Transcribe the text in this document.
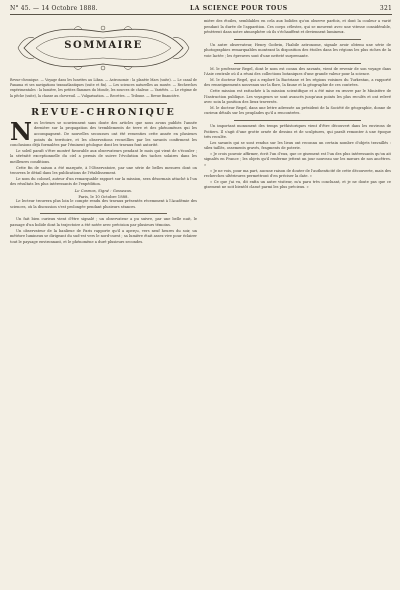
N° 45. — 14 Octobre 1888.	LA SCIENCE POUR TOUS	321
SOMMAIRE

Revue-chronique. — Voyage dans les lunettes au Liban. — Astronomie : la planète Mars (suite). — Le canal de Panama et ses navigations transatlantiques (suite et fin). — Les sciences naturelles au musée. — Recherches expérimentales : la lumière, les petites flammes du Monde, les sources de chaleur. — Variétés. — Le régime de la pêche (suite), la chasse au chevreuil. — Vulgarisation. — Recettes. — Tribune. — Revue financière.

REVUE-CHRONIQUE
N os lecteurs se souviennent sans doute des articles que nous avons publiés l'année dernière sur la propagation des tremblements de terre et des phénomènes qui les accompagnent. De nouvelles secousses ont été ressenties cette année en plusieurs points du territoire, et les observations recueillies par les savants confirment les conclusions déjà formulées par l'éminent géologue dont les travaux font autorité.

Le soleil paraît s'être montré favorable aux observateurs pendant le mois qui vient de s'écouler ; la sérénité exceptionnelle du ciel a permis de suivre l'évolution des taches solaires dans les meilleures conditions.

Cette fin de saison a été marquée, à l'Observatoire, par une série de belles mesures dont on trouvera le détail dans les publications de l'établissement.

Le nom du colonel, auteur d'un remarquable rapport sur la mission, sera désormais attaché à l'un des résultats les plus intéressants de l'expédition.

Le Cosmos, Signé : Gosseaux.

Paris, le 10 Octobre 1888.

Le lecteur trouvera plus loin le compte rendu des travaux présentés récemment à l'Académie des sciences, où la discussion s'est prolongée pendant plusieurs séances.

Un fait bien curieux vient d'être signalé ; un observateur a pu suivre, par une belle nuit, le passage d'un bolide dont la trajectoire a été notée avec précision par plusieurs témoins.

Un observateur de la banlieue de Paris rapporte qu'il a aperçu, vers neuf heures du soir, un météore lumineux se dirigeant du sud-est vers le nord-ouest ; sa lumière était assez vive pour éclairer tout le paysage environnant, et le phénomène a duré plusieurs secondes.

mière des étoiles, semblables en cela aux bolides qu'on observe parfois, et dont la couleur a varié pendant la durée de l'apparition. Ces corps célestes, qui se meuvent avec une vitesse considérable, pénètrent dans notre atmosphère où ils s'échauffent et deviennent lumineux.

Un autre observateur, Henry Godwin, l'habile astronome, signale avoir obtenu une série de photographies remarquables montrant la disposition des étoiles dans les régions les plus riches de la voie lactée ; les épreuves sont d'une netteté surprenante.

M. le professeur Regel, dont le nom est connu des savants, vient de revenir de son voyage dans l'Asie centrale où il a réuni des collections botaniques d'une grande valeur pour la science.

M. le docteur Regel, qui a exploré la Bactriane et les régions voisines du Turkestan, a rapporté des renseignements nouveaux sur la flore, la faune et la géographie de ces contrées.

Cette mission est rattachée à la mission scientifique et a été mise en œuvre par le Ministère de l'Instruction publique. Les voyageurs se sont avancés jusqu'aux points les plus reculés et ont relevé avec soin la position des lieux traversés.

M. le docteur Regel, dans une lettre adressée au président de la Société de géographie, donne de curieux détails sur les peuplades qu'il a rencontrées.

Un important monument des temps préhistoriques vient d'être découvert dans les environs de Poitiers. Il s'agit d'une grotte ornée de dessins et de sculptures, qui paraît remonter à une époque très reculée.

Les savants qui se sont rendus sur les lieux ont reconnu un certain nombre d'objets travaillés : silex taillés, ossements gravés, fragments de poterie.

« Je crois pouvoir affirmer, écrit l'un d'eux, que ce gisement est l'un des plus intéressants qu'on ait signalés en France ; les objets qu'il renferme jettent un jour nouveau sur les mœurs de nos ancêtres. »

« Je ne vois, pour ma part, aucune raison de douter de l'authenticité de cette découverte, mais des recherches ultérieures permettront d'en préciser la date. »

« Ce que j'ai vu, dit enfin un autre visiteur, m'a paru très concluant, et je ne doute pas que ce gisement ne soit bientôt classé parmi les plus précieux. »
